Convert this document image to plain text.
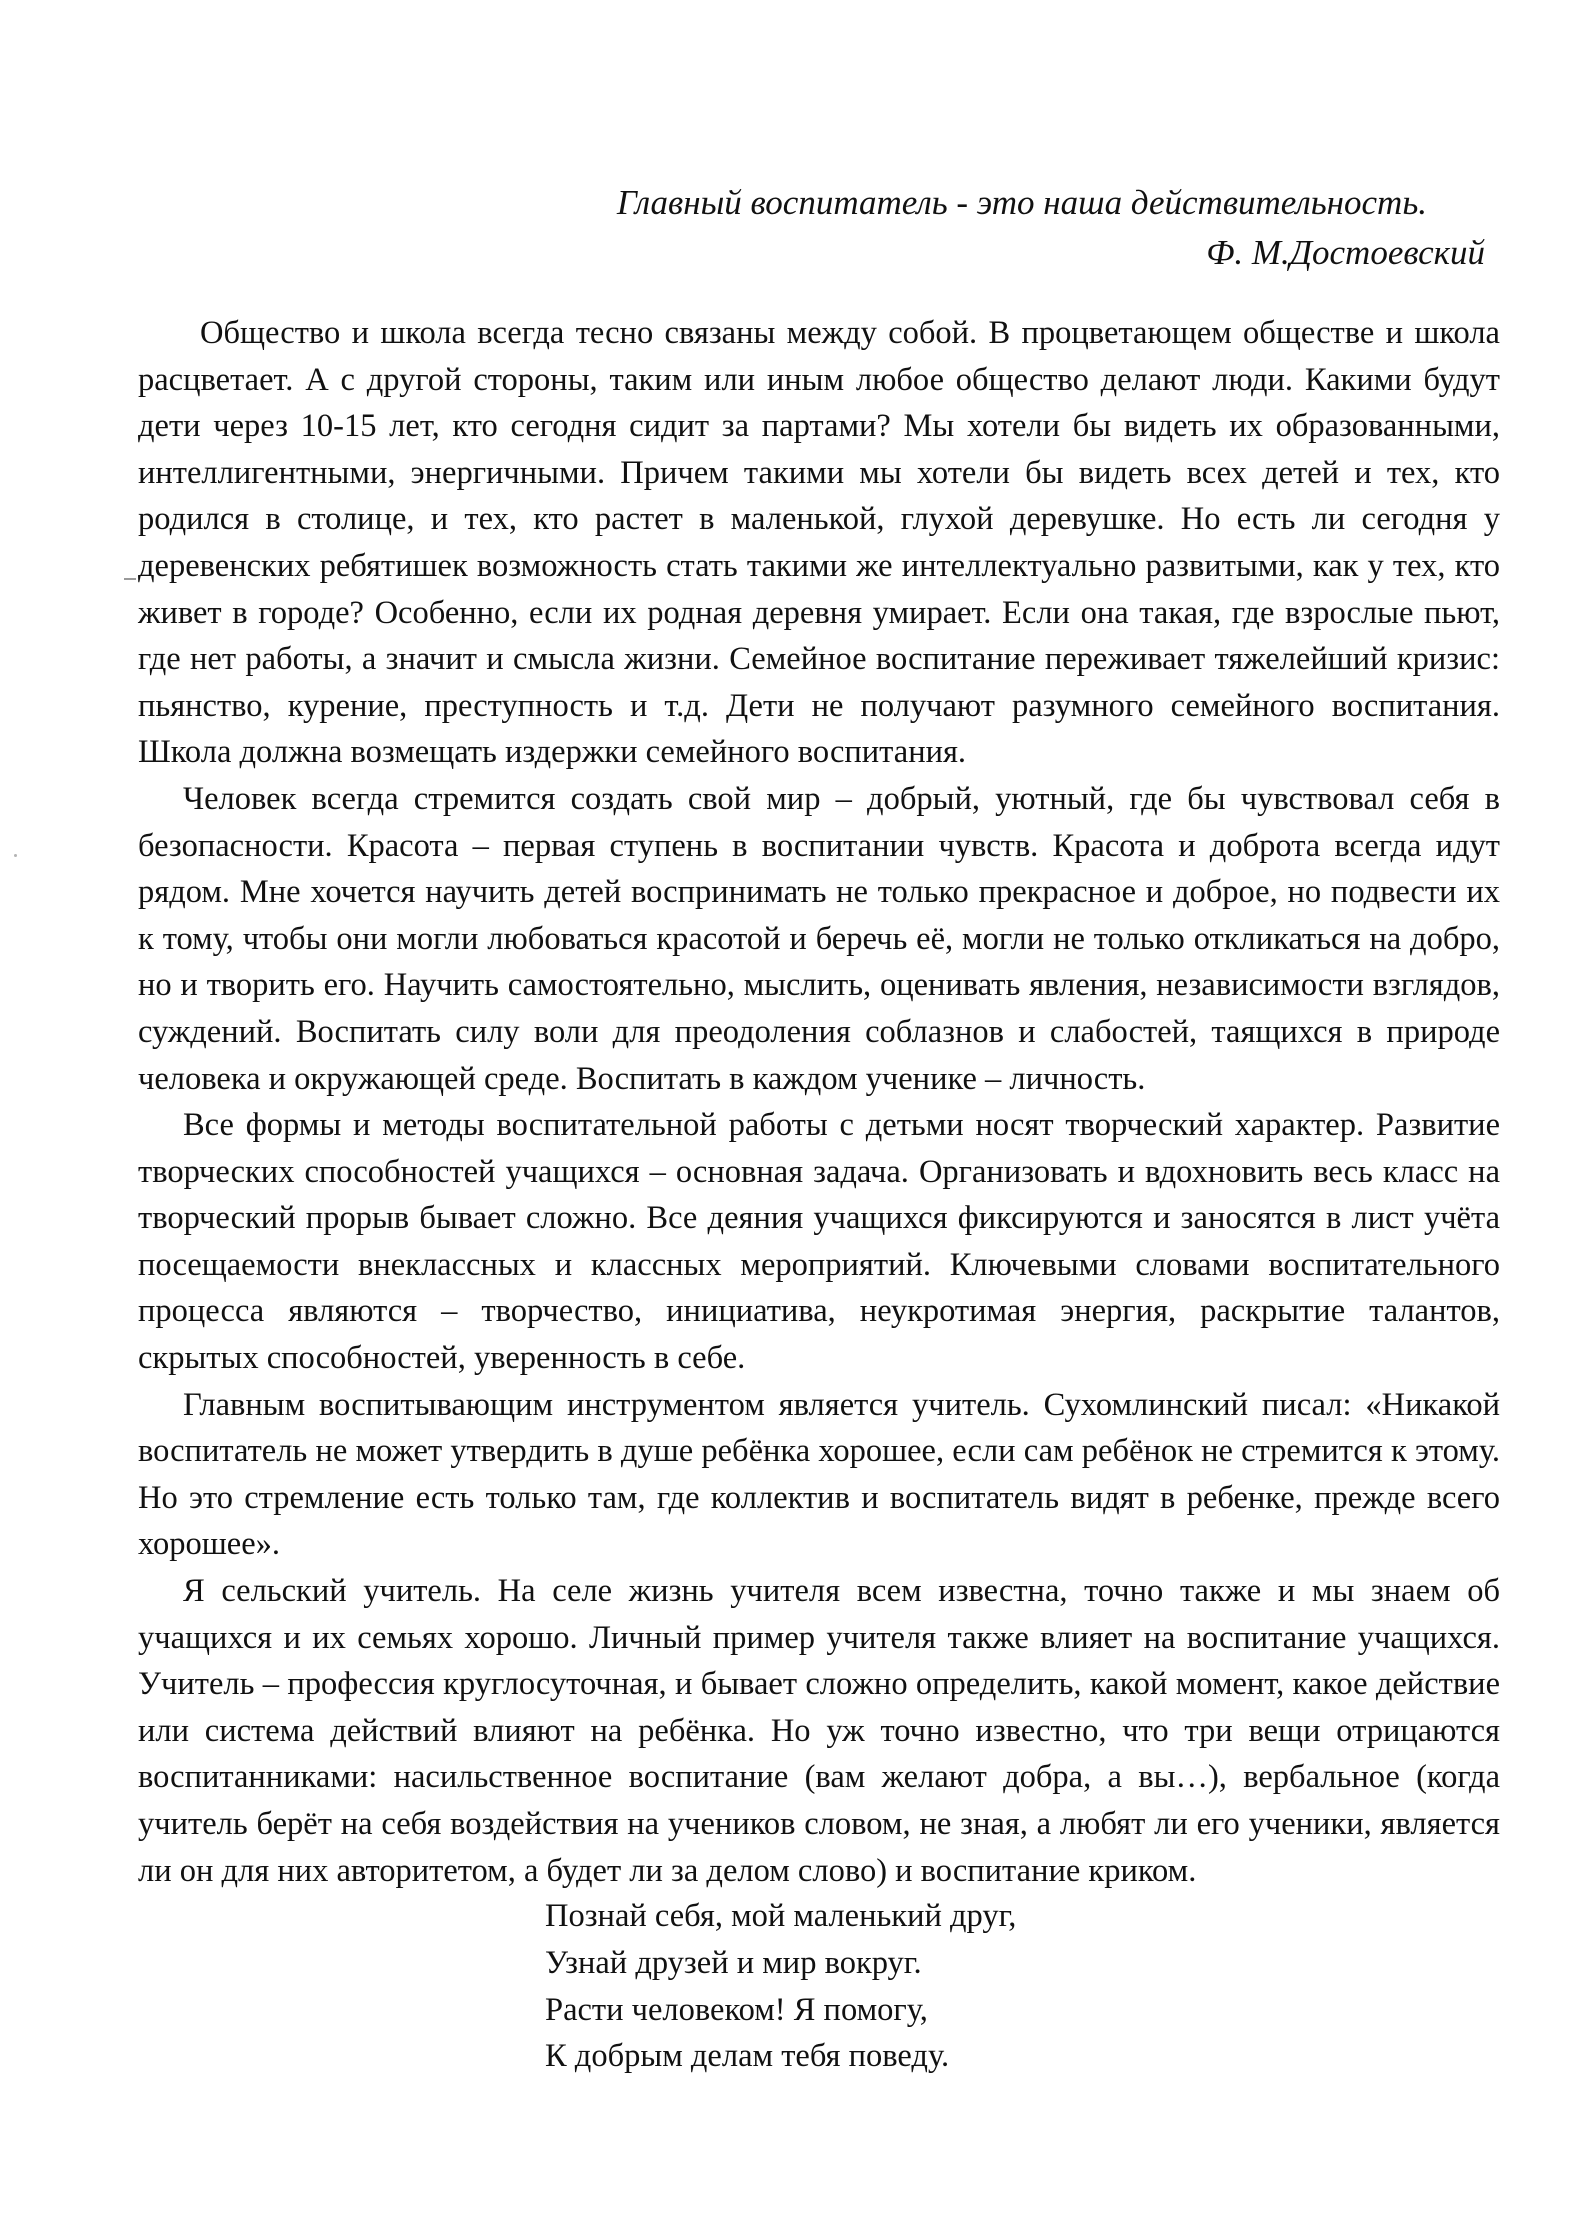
Главный воспитатель - это наша действительность.
Ф. М.Достоевский

Общество и школа всегда тесно связаны между собой. В процветающем обществе и школа расцветает. А с другой стороны, таким или иным любое общество делают люди. Какими будут дети через 10-15 лет, кто сегодня сидит за партами? Мы хотели бы видеть их образованными, интеллигентными, энергичными. Причем такими мы хотели бы видеть всех детей и тех, кто родился в столице, и тех, кто растет в маленькой, глухой деревушке. Но есть ли сегодня у деревенских ребятишек возможность стать такими же интеллектуально развитыми, как у тех, кто живет в городе? Особенно, если их родная деревня умирает. Если она такая, где взрослые пьют, где нет работы, а значит и смысла жизни. Семейное воспитание переживает тяжелейший кризис: пьянство, курение, преступность и т.д. Дети не получают разумного семейного воспитания. Школа должна возмещать издержки семейного воспитания.

Человек всегда стремится создать свой мир – добрый, уютный, где бы чувствовал себя в безопасности. Красота – первая ступень в воспитании чувств. Красота и доброта всегда идут рядом. Мне хочется научить детей воспринимать не только прекрасное и доброе, но подвести их к тому, чтобы они могли любоваться красотой и беречь её, могли не только откликаться на добро, но и творить его. Научить самостоятельно, мыслить, оценивать явления, независимости взглядов, суждений. Воспитать силу воли для преодоления соблазнов и слабостей, таящихся в природе человека и окружающей среде. Воспитать в каждом ученике – личность.

Все формы и методы воспитательной работы с детьми носят творческий характер. Развитие творческих способностей учащихся – основная задача. Организовать и вдохновить весь класс на творческий прорыв бывает сложно. Все деяния учащихся фиксируются и заносятся в лист учёта посещаемости внеклассных и классных мероприятий. Ключевыми словами воспитательного процесса являются – творчество, инициатива, неукротимая энергия, раскрытие талантов, скрытых способностей, уверенность в себе.

Главным воспитывающим инструментом является учитель. Сухомлинский писал: «Никакой воспитатель не может утвердить в душе ребёнка хорошее, если сам ребёнок не стремится к этому. Но это стремление есть только там, где коллектив и воспитатель видят в ребенке, прежде всего хорошее».

Я сельский учитель. На селе жизнь учителя всем известна, точно также и мы знаем об учащихся и их семьях хорошо. Личный пример учителя также влияет на воспитание учащихся. Учитель – профессия круглосуточная, и бывает сложно определить, какой момент, какое действие или система действий влияют на ребёнка. Но уж точно известно, что три вещи отрицаются воспитанниками: насильственное воспитание (вам желают добра, а вы…), вербальное (когда учитель берёт на себя воздействия на учеников словом, не зная, а любят ли его ученики, является ли он для них авторитетом, а будет ли за делом слово) и воспитание криком.

Познай себя, мой маленький друг,
Узнай друзей и мир вокруг.
Расти человеком! Я помогу,
К добрым делам тебя поведу.
